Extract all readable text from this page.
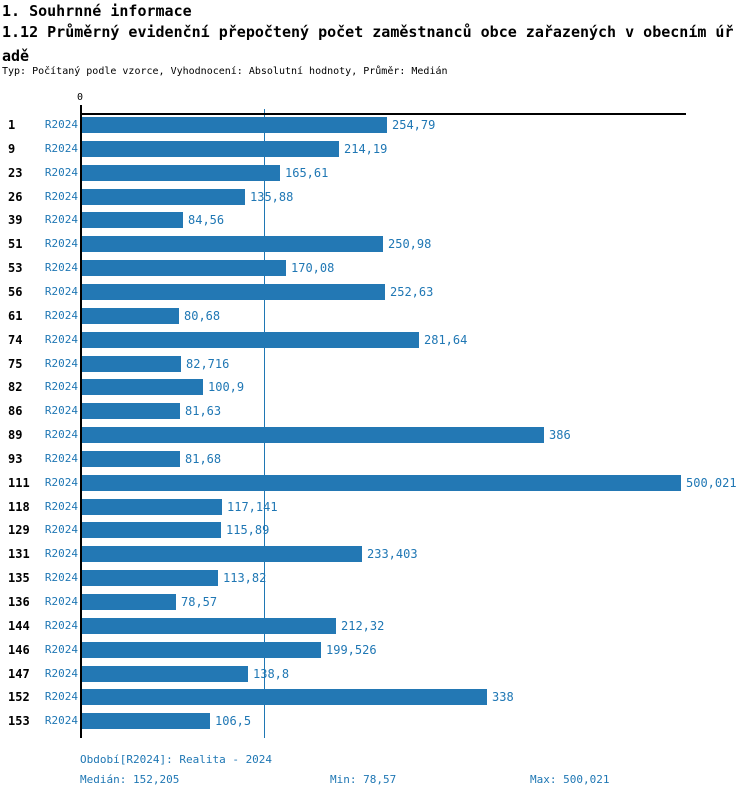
1. Souhrnné informace
1.12 Průměrný evidenční přepočtený počet zaměstnanců obce zařazených v obecním úřadě
Typ: Počítaný podle vzorce, Vyhodnocení: Absolutní hodnoty, Průměr: Medián
0
1	R2024	254,79
9	R2024	214,19
23	R2024	165,61
26	R2024	135,88
39	R2024	84,56
51	R2024	250,98
53	R2024	170,08
56	R2024	252,63
61	R2024	80,68
74	R2024	281,64
75	R2024	82,716
82	R2024	100,9
86	R2024	81,63
89	R2024	386
93	R2024	81,68
111	R2024	500,021
118	R2024	117,141
129	R2024	115,89
131	R2024	233,403
135	R2024	113,82
136	R2024	78,57
144	R2024	212,32
146	R2024	199,526
147	R2024	138,8
152	R2024	338
153	R2024	106,5
Období[R2024]: Realita - 2024
Medián: 152,205	Min: 78,57	Max: 500,021
